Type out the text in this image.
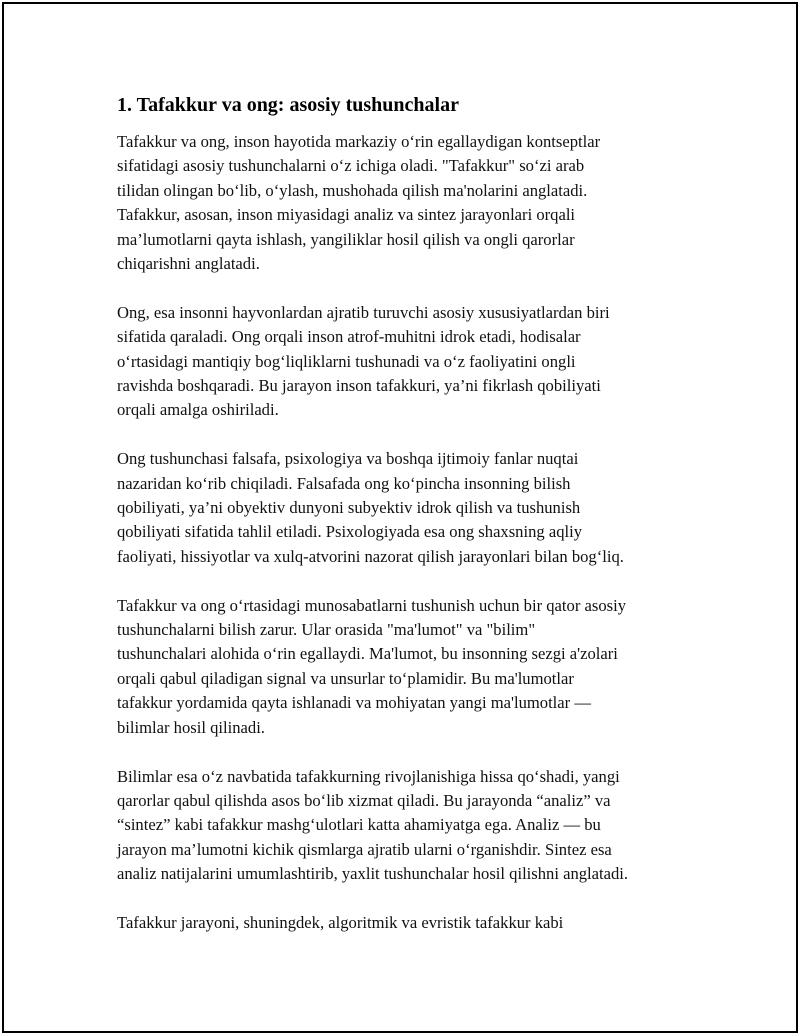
1. Tafakkur va ong: asosiy tushunchalar
Tafakkur va ong, inson hayotida markaziy o‘rin egallaydigan kontseptlar
sifatidagi asosiy tushunchalarni o‘z ichiga oladi. "Tafakkur" so‘zi arab
tilidan olingan bo‘lib, o‘ylash, mushohada qilish ma'nolarini anglatadi.
Tafakkur, asosan, inson miyasidagi analiz va sintez jarayonlari orqali
ma’lumotlarni qayta ishlash, yangiliklar hosil qilish va ongli qarorlar
chiqarishni anglatadi.
Ong, esa insonni hayvonlardan ajratib turuvchi asosiy xususiyatlardan biri
sifatida qaraladi. Ong orqali inson atrof-muhitni idrok etadi, hodisalar
o‘rtasidagi mantiqiy bog‘liqliklarni tushunadi va o‘z faoliyatini ongli
ravishda boshqaradi. Bu jarayon inson tafakkuri, ya’ni fikrlash qobiliyati
orqali amalga oshiriladi.
Ong tushunchasi falsafa, psixologiya va boshqa ijtimoiy fanlar nuqtai
nazaridan ko‘rib chiqiladi. Falsafada ong ko‘pincha insonning bilish
qobiliyati, ya’ni obyektiv dunyoni subyektiv idrok qilish va tushunish
qobiliyati sifatida tahlil etiladi. Psixologiyada esa ong shaxsning aqliy
faoliyati, hissiyotlar va xulq-atvorini nazorat qilish jarayonlari bilan bog‘liq.
Tafakkur va ong o‘rtasidagi munosabatlarni tushunish uchun bir qator asosiy
tushunchalarni bilish zarur. Ular orasida "ma'lumot" va "bilim"
tushunchalari alohida o‘rin egallaydi. Ma'lumot, bu insonning sezgi a'zolari
orqali qabul qiladigan signal va unsurlar to‘plamidir. Bu ma'lumotlar
tafakkur yordamida qayta ishlanadi va mohiyatan yangi ma'lumotlar —
bilimlar hosil qilinadi.
Bilimlar esa o‘z navbatida tafakkurning rivojlanishiga hissa qo‘shadi, yangi
qarorlar qabul qilishda asos bo‘lib xizmat qiladi. Bu jarayonda “analiz” va
“sintez” kabi tafakkur mashg‘ulotlari katta ahamiyatga ega. Analiz — bu
jarayon ma’lumotni kichik qismlarga ajratib ularni o‘rganishdir. Sintez esa
analiz natijalarini umumlashtirib, yaxlit tushunchalar hosil qilishni anglatadi.
Tafakkur jarayoni, shuningdek, algoritmik va evristik tafakkur kabi
